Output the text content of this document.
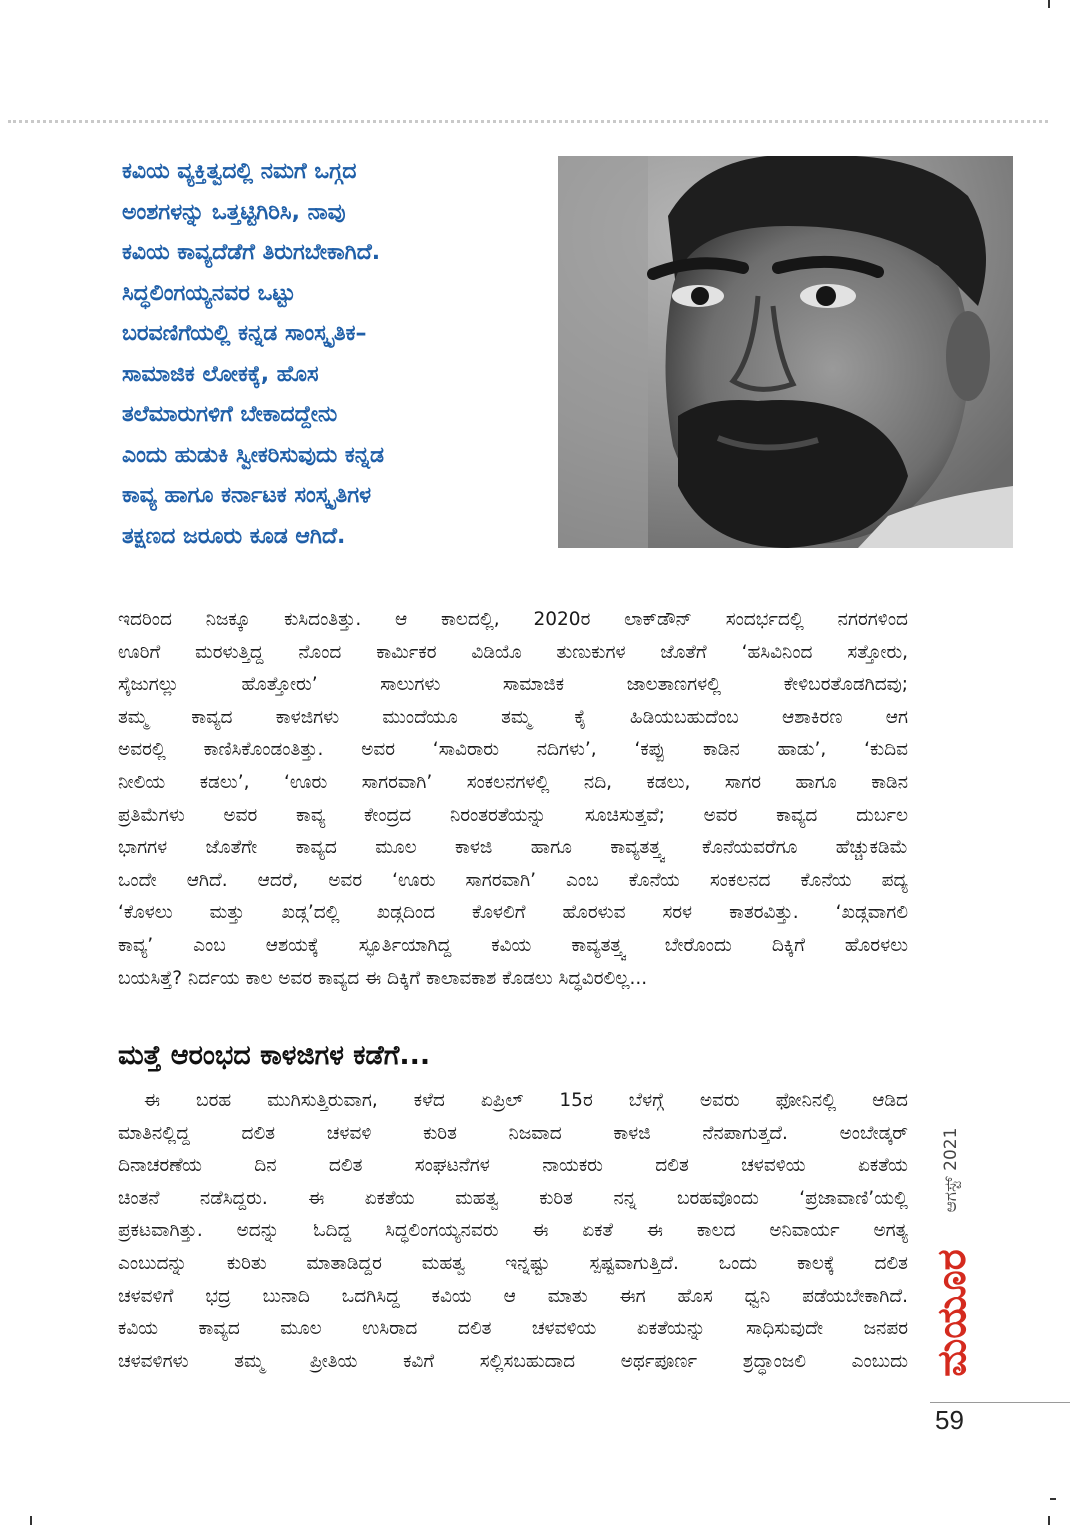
ಕವಿಯ ವ್ಯಕ್ತಿತ್ವದಲ್ಲಿ ನಮಗೆ ಒಗ್ಗದ
ಅಂಶಗಳನ್ನು ಒತ್ತಟ್ಟಿಗಿರಿಸಿ, ನಾವು
ಕವಿಯ ಕಾವ್ಯದೆಡೆಗೆ ತಿರುಗಬೇಕಾಗಿದೆ.
ಸಿದ್ಧಲಿಂಗಯ್ಯನವರ ಒಟ್ಟು
ಬರವಣಿಗೆಯಲ್ಲಿ ಕನ್ನಡ ಸಾಂಸ್ಕೃತಿಕ–
ಸಾಮಾಜಿಕ ಲೋಕಕ್ಕೆ, ಹೊಸ
ತಲೆಮಾರುಗಳಿಗೆ ಬೇಕಾದದ್ದೇನು
ಎಂದು ಹುಡುಕಿ ಸ್ವೀಕರಿಸುವುದು ಕನ್ನಡ
ಕಾವ್ಯ ಹಾಗೂ ಕರ್ನಾಟಕ ಸಂಸ್ಕೃತಿಗಳ
ತಕ್ಷಣದ ಜರೂರು ಕೂಡ ಆಗಿದೆ.
ಇದರಿಂದ ನಿಜಕ್ಕೂ ಕುಸಿದಂತಿತ್ತು. ಆ ಕಾಲದಲ್ಲಿ, 2020ರ ಲಾಕ್‌ಡೌನ್ ಸಂದರ್ಭದಲ್ಲಿ ನಗರಗಳಿಂದ
ಊರಿಗೆ ಮರಳುತ್ತಿದ್ದ ನೊಂದ ಕಾರ್ಮಿಕರ ವಿಡಿಯೊ ತುಣುಕುಗಳ ಜೊತೆಗೆ ‘ಹಸಿವಿನಿಂದ ಸತ್ತೋರು,
ಸೈಜುಗಲ್ಲು ಹೊತ್ತೋರು’ ಸಾಲುಗಳು ಸಾಮಾಜಿಕ ಜಾಲತಾಣಗಳಲ್ಲಿ ಕೇಳಿಬರತೊಡಗಿದವು;
ತಮ್ಮ ಕಾವ್ಯದ ಕಾಳಜಿಗಳು ಮುಂದೆಯೂ ತಮ್ಮ ಕೈ ಹಿಡಿಯಬಹುದೆಂಬ ಆಶಾಕಿರಣ ಆಗ
ಅವರಲ್ಲಿ ಕಾಣಿಸಿಕೊಂಡಂತಿತ್ತು. ಅವರ ‘ಸಾವಿರಾರು ನದಿಗಳು’, ‘ಕಪ್ಪು ಕಾಡಿನ ಹಾಡು’, ‘ಕುದಿವ
ನೀಲಿಯ ಕಡಲು’, ‘ಊರು ಸಾಗರವಾಗಿ’ ಸಂಕಲನಗಳಲ್ಲಿ ನದಿ, ಕಡಲು, ಸಾಗರ ಹಾಗೂ ಕಾಡಿನ
ಪ್ರತಿಮೆಗಳು ಅವರ ಕಾವ್ಯ ಕೇಂದ್ರದ ನಿರಂತರತೆಯನ್ನು ಸೂಚಿಸುತ್ತವೆ; ಅವರ ಕಾವ್ಯದ ದುರ್ಬಲ
ಭಾಗಗಳ ಜೊತೆಗೇ ಕಾವ್ಯದ ಮೂಲ ಕಾಳಜಿ ಹಾಗೂ ಕಾವ್ಯತತ್ತ್ವ ಕೊನೆಯವರೆಗೂ ಹೆಚ್ಚುಕಡಿಮೆ
ಒಂದೇ ಆಗಿದೆ. ಆದರೆ, ಅವರ ‘ಊರು ಸಾಗರವಾಗಿ’ ಎಂಬ ಕೊನೆಯ ಸಂಕಲನದ ಕೊನೆಯ ಪದ್ಯ
‘ಕೊಳಲು ಮತ್ತು ಖಡ್ಗ’ದಲ್ಲಿ ಖಡ್ಗದಿಂದ ಕೊಳಲಿಗೆ ಹೊರಳುವ ಸರಳ ಕಾತರವಿತ್ತು. ‘ಖಡ್ಗವಾಗಲಿ
ಕಾವ್ಯ’ ಎಂಬ ಆಶಯಕ್ಕೆ ಸ್ಫೂರ್ತಿಯಾಗಿದ್ದ ಕವಿಯ ಕಾವ್ಯತತ್ತ್ವ ಬೇರೊಂದು ದಿಕ್ಕಿಗೆ ಹೊರಳಲು
ಬಯಸಿತ್ತೆ? ನಿರ್ದಯ ಕಾಲ ಅವರ ಕಾವ್ಯದ ಈ ದಿಕ್ಕಿಗೆ ಕಾಲಾವಕಾಶ ಕೊಡಲು ಸಿದ್ಧವಿರಲಿಲ್ಲ...
ಮತ್ತೆ ಆರಂಭದ ಕಾಳಜಿಗಳ ಕಡೆಗೆ...
ಈ ಬರಹ ಮುಗಿಸುತ್ತಿರುವಾಗ, ಕಳೆದ ಏಪ್ರಿಲ್ 15ರ ಬೆಳಗ್ಗೆ ಅವರು ಫೋನಿನಲ್ಲಿ ಆಡಿದ
ಮಾತಿನಲ್ಲಿದ್ದ ದಲಿತ ಚಳವಳಿ ಕುರಿತ ನಿಜವಾದ ಕಾಳಜಿ ನೆನಪಾಗುತ್ತದೆ. ಅಂಬೇಡ್ಕರ್
ದಿನಾಚರಣೆಯ ದಿನ ದಲಿತ ಸಂಘಟನೆಗಳ ನಾಯಕರು ದಲಿತ ಚಳವಳಿಯ ಏಕತೆಯ
ಚಿಂತನೆ ನಡೆಸಿದ್ದರು. ಈ ಏಕತೆಯ ಮಹತ್ವ ಕುರಿತ ನನ್ನ ಬರಹವೊಂದು ‘ಪ್ರಜಾವಾಣಿ’ಯಲ್ಲಿ
ಪ್ರಕಟವಾಗಿತ್ತು. ಅದನ್ನು ಓದಿದ್ದ ಸಿದ್ಧಲಿಂಗಯ್ಯನವರು ಈ ಏಕತೆ ಈ ಕಾಲದ ಅನಿವಾರ್ಯ ಅಗತ್ಯ
ಎಂಬುದನ್ನು ಕುರಿತು ಮಾತಾಡಿದ್ದರ ಮಹತ್ವ ಇನ್ನಷ್ಟು ಸ್ಪಷ್ಟವಾಗುತ್ತಿದೆ. ಒಂದು ಕಾಲಕ್ಕೆ ದಲಿತ
ಚಳವಳಿಗೆ ಭದ್ರ ಬುನಾದಿ ಒದಗಿಸಿದ್ದ ಕವಿಯ ಆ ಮಾತು ಈಗ ಹೊಸ ಧ್ವನಿ ಪಡೆಯಬೇಕಾಗಿದೆ.
ಕವಿಯ ಕಾವ್ಯದ ಮೂಲ ಉಸಿರಾದ ದಲಿತ ಚಳವಳಿಯ ಏಕತೆಯನ್ನು ಸಾಧಿಸುವುದೇ ಜನಪರ
ಚಳವಳಿಗಳು ತಮ್ಮ ಪ್ರೀತಿಯ ಕವಿಗೆ ಸಲ್ಲಿಸಬಹುದಾದ ಅರ್ಥಪೂರ್ಣ ಶ್ರದ್ಧಾಂಜಲಿ ಎಂಬುದು
ಆಗಸ್ಟ್ 2021
ಮಯೂರ
59
